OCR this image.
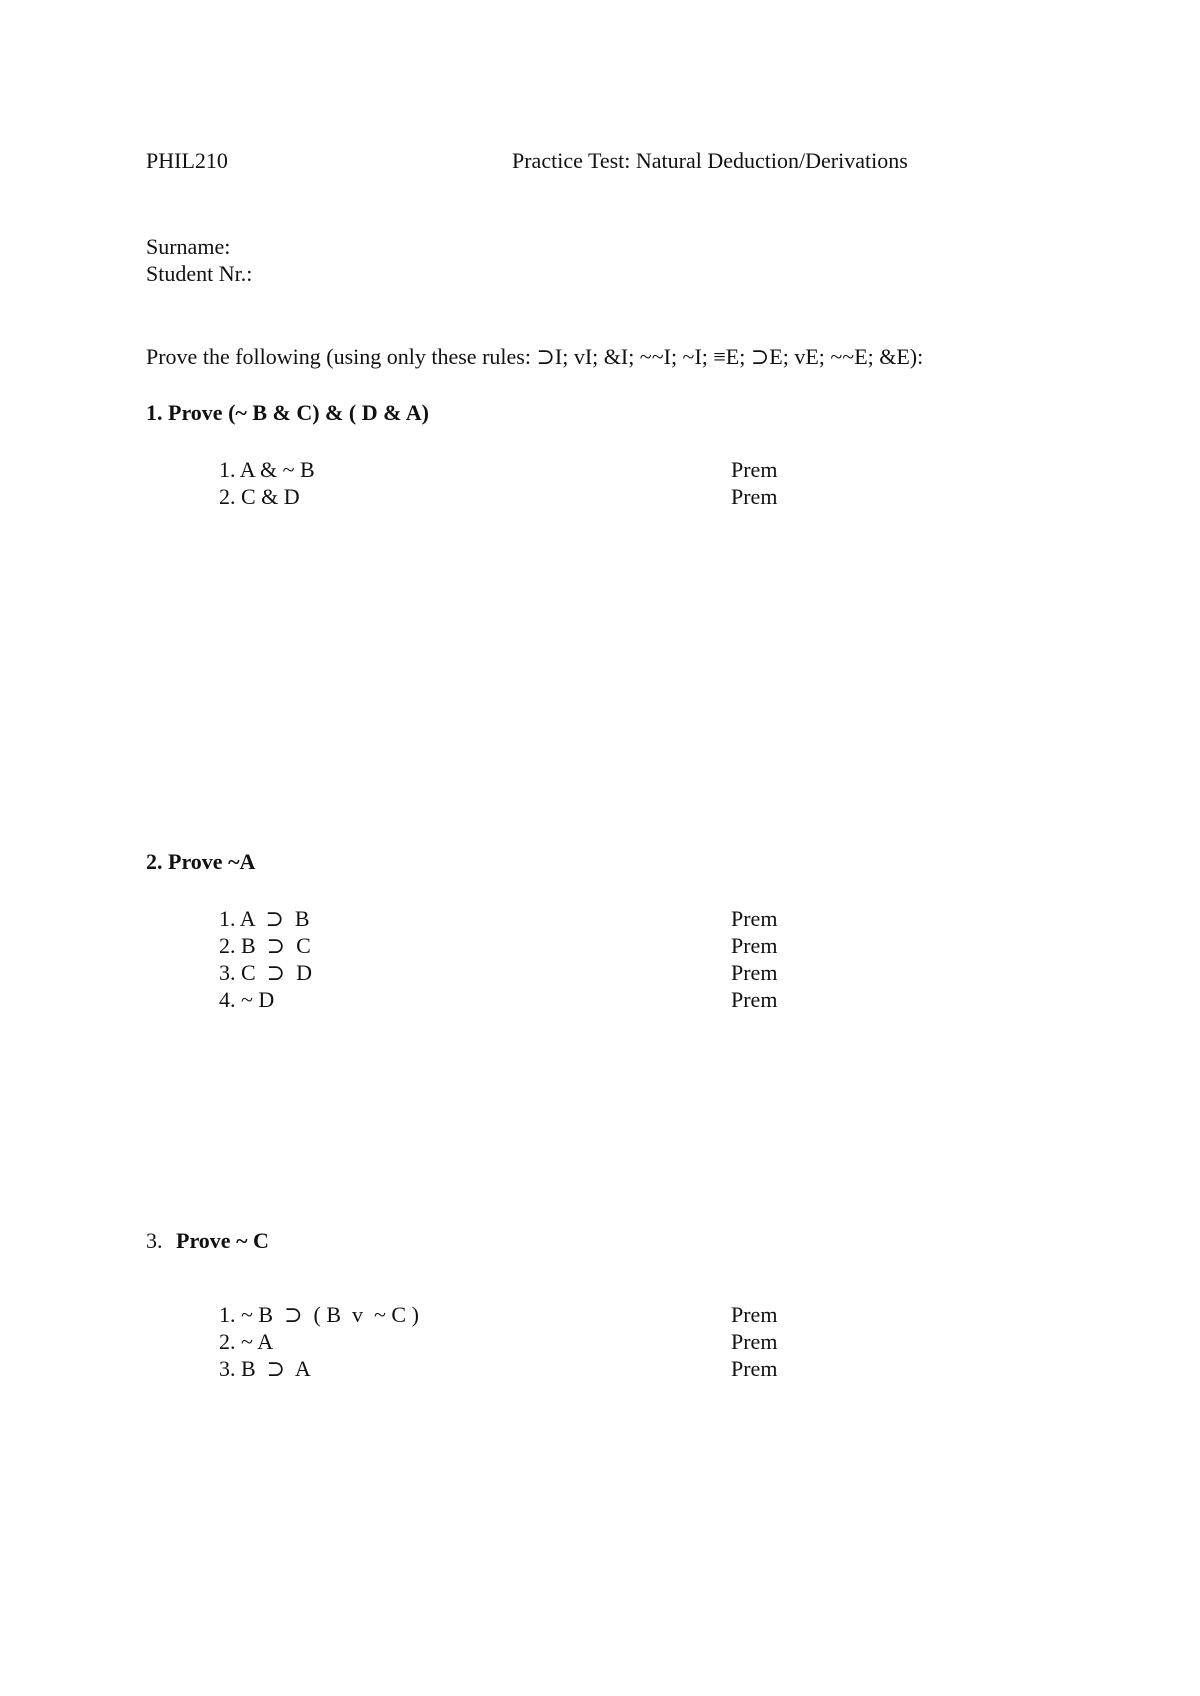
PHIL210	Practice Test: Natural Deduction/Derivations
Surname:
Student Nr.:
Prove the following (using only these rules: ⊃I; vI; &I; ~~I; ~I; ≡E; ⊃E; vE; ~~E; &E):
1. Prove (~ B & C) & ( D & A)
1. A & ~ B	Prem
2. C & D	Prem
2. Prove ~A
1. A  ⊃  B	Prem
2. B  ⊃  C	Prem
3. C  ⊃  D	Prem
4. ~ D	Prem
3. Prove ~ C
1. ~ B  ⊃  ( B  v  ~ C )	Prem
2. ~ A	Prem
3. B  ⊃  A	Prem
